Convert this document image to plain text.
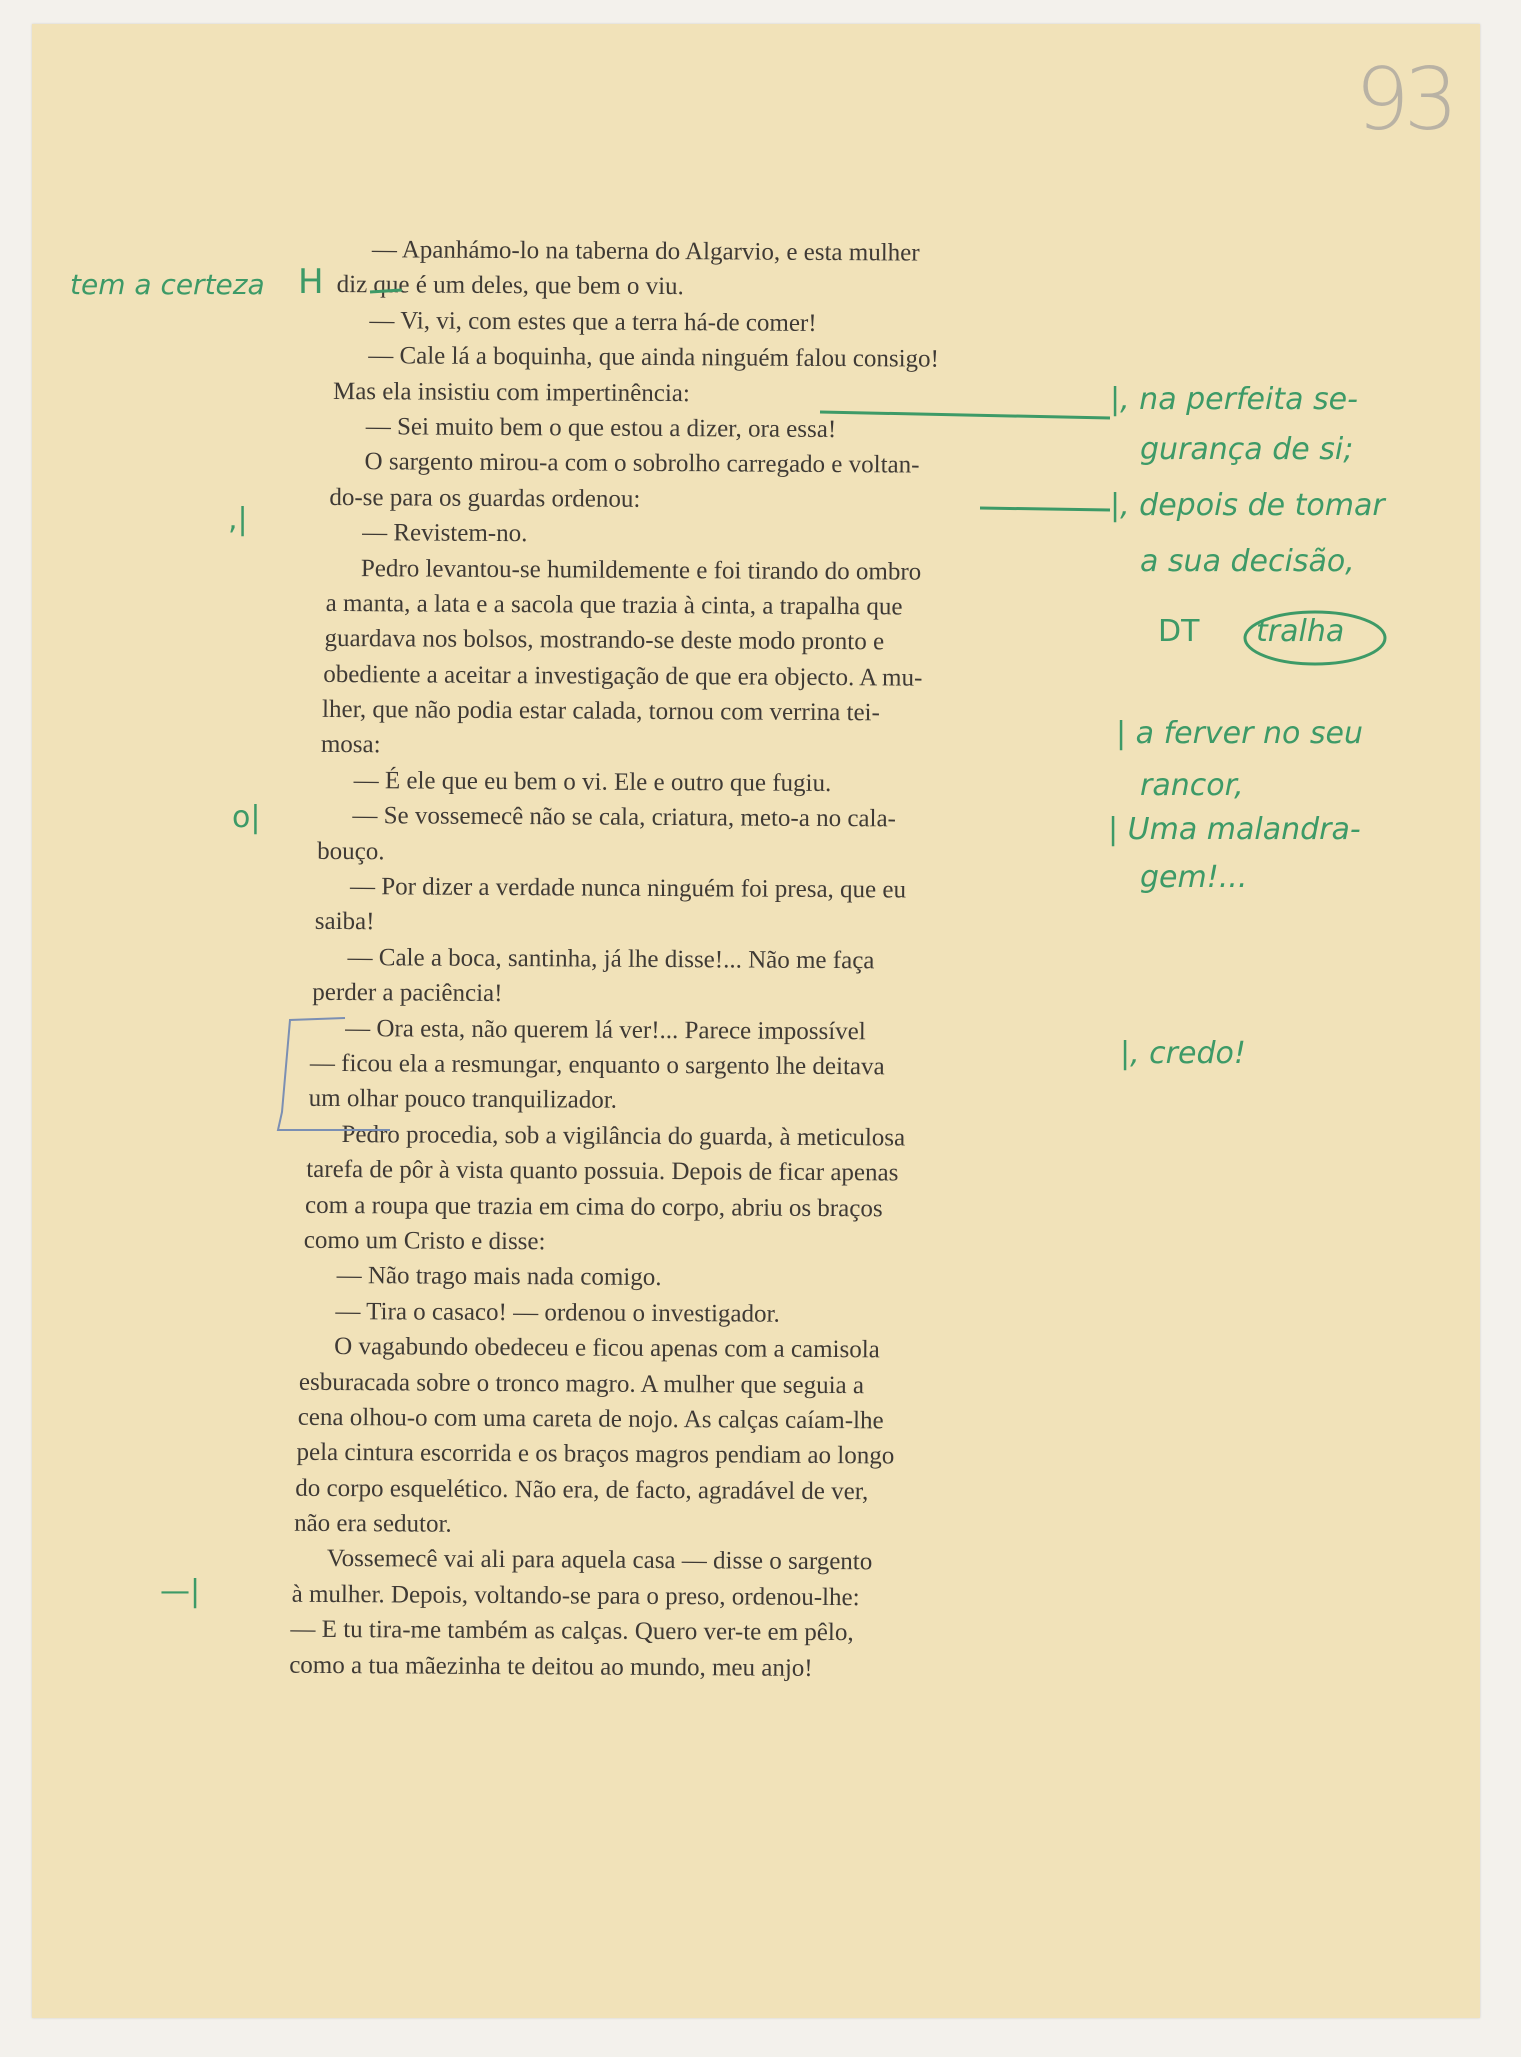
93
— Apanhámo-lo na taberna do Algarvio, e esta mulher
diz que é um deles, que bem o viu.
— Vi, vi, com estes que a terra há-de comer!
— Cale lá a boquinha, que ainda ninguém falou consigo!
Mas ela insistiu com impertinência:
— Sei muito bem o que estou a dizer, ora essa!
O sargento mirou-a com o sobrolho carregado e voltan-
do-se para os guardas ordenou:
— Revistem-no.
Pedro levantou-se humildemente e foi tirando do ombro
a manta, a lata e a sacola que trazia à cinta, a trapalha que
guardava nos bolsos, mostrando-se deste modo pronto e
obediente a aceitar a investigação de que era objecto. A mu-
lher, que não podia estar calada, tornou com verrina tei-
mosa:
— É ele que eu bem o vi. Ele e outro que fugiu.
— Se vossemecê não se cala, criatura, meto-a no cala-
bouço.
— Por dizer a verdade nunca ninguém foi presa, que eu
saiba!
— Cale a boca, santinha, já lhe disse!... Não me faça
perder a paciência!
— Ora esta, não querem lá ver!... Parece impossível
— ficou ela a resmungar, enquanto o sargento lhe deitava
um olhar pouco tranquilizador.
Pedro procedia, sob a vigilância do guarda, à meticulosa
tarefa de pôr à vista quanto possuia. Depois de ficar apenas
com a roupa que trazia em cima do corpo, abriu os braços
como um Cristo e disse:
— Não trago mais nada comigo.
— Tira o casaco! — ordenou o investigador.
O vagabundo obedeceu e ficou apenas com a camisola
esburacada sobre o tronco magro. A mulher que seguia a
cena olhou-o com uma careta de nojo. As calças caíam-lhe
pela cintura escorrida e os braços magros pendiam ao longo
do corpo esquelético. Não era, de facto, agradável de ver,
não era sedutor.
Vossemecê vai ali para aquela casa — disse o sargento
à mulher. Depois, voltando-se para o preso, ordenou-lhe:
— E tu tira-me também as calças. Quero ver-te em pêlo,
como a tua mãezinha te deitou ao mundo, meu anjo!
tem a certeza H
,|
o|
—|
|, na perfeita se-
gurança de si;
|, depois de tomar
a sua decisão,
DT tralha
| a ferver no seu
rancor,
| Uma malandra-
gem!...
|, credo!
